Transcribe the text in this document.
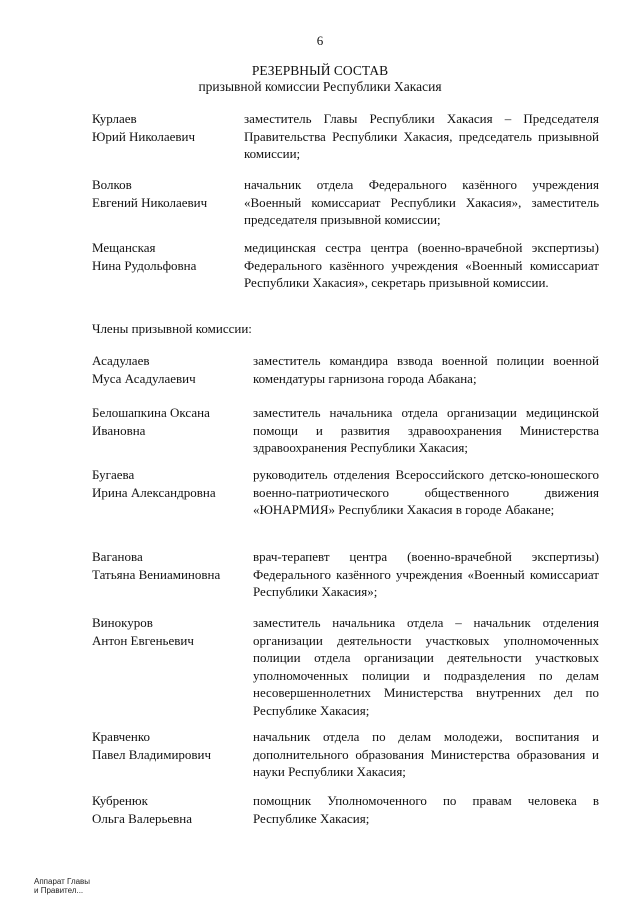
6
РЕЗЕРВНЫЙ СОСТАВ
призывной комиссии Республики Хакасия
Курлаев
Юрий Николаевич
заместитель Главы Республики Хакасия – Председателя Правительства Республики Хакасия, председатель призывной комиссии;
Волков
Евгений Николаевич
начальник отдела Федерального казённого учреждения «Военный комиссариат Республики Хакасия», заместитель председателя призывной комиссии;
Мещанская
Нина Рудольфовна
медицинская сестра центра (военно-врачебной экспертизы) Федерального казённого учреждения «Военный комиссариат Республики Хакасия», секретарь призывной комиссии.
Члены призывной комиссии:
Асадулаев
Муса Асадулаевич
заместитель командира взвода военной полиции военной комендатуры гарнизона города Абакана;
Белошапкина Оксана
Ивановна
заместитель начальника отдела организации медицинской помощи и развития здравоохранения Министерства здравоохранения Республики Хакасия;
Бугаева
Ирина Александровна
руководитель отделения Всероссийского детско-юношеского военно-патриотического общественного движения «ЮНАРМИЯ» Республики Хакасия в городе Абакане;
Ваганова
Татьяна Вениаминовна
врач-терапевт центра (военно-врачебной экспертизы) Федерального казённого учреждения «Военный комиссариат Республики Хакасия»;
Винокуров
Антон Евгеньевич
заместитель начальника отдела – начальник отделения организации деятельности участковых уполномоченных полиции отдела организации деятельности участковых уполномоченных полиции и подразделения по делам несовершеннолетних Министерства внутренних дел по Республике Хакасия;
Кравченко
Павел Владимирович
начальник отдела по делам молодежи, воспитания и дополнительного образования Министерства образования и науки Республики Хакасия;
Кубренюк
Ольга Валерьевна
помощник Уполномоченного по правам человека в Республике Хакасия;
Аппарат Главы
и Правител...
